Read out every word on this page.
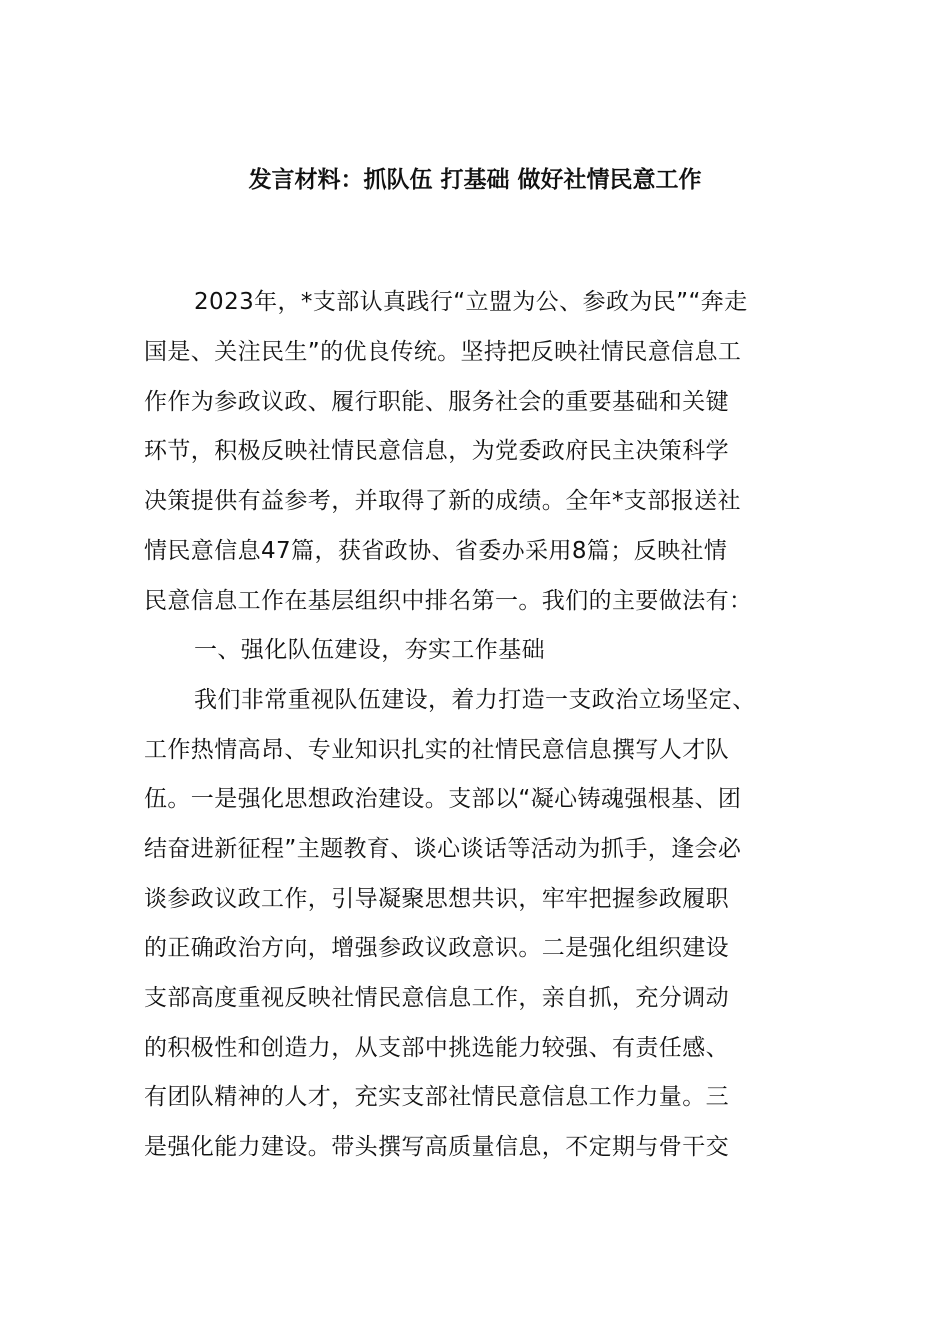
发言材料：抓队伍 打基础 做好社情民意工作
2023年，*支部认真践行“立盟为公、参政为民”“奔走
国是、关注民生”的优良传统。坚持把反映社情民意信息工
作作为参政议政、履行职能、服务社会的重要基础和关键
环节，积极反映社情民意信息，为党委政府民主决策科学
决策提供有益参考，并取得了新的成绩。全年*支部报送社
情民意信息47篇，获省政协、省委办采用8篇；反映社情
民意信息工作在基层组织中排名第一。我们的主要做法有：
一、强化队伍建设，夯实工作基础
我们非常重视队伍建设，着力打造一支政治立场坚定、
工作热情高昂、专业知识扎实的社情民意信息撰写人才队
伍。一是强化思想政治建设。支部以“凝心铸魂强根基、团
结奋进新征程”主题教育、谈心谈话等活动为抓手，逢会必
谈参政议政工作，引导凝聚思想共识，牢牢把握参政履职
的正确政治方向，增强参政议政意识。二是强化组织建设
支部高度重视反映社情民意信息工作，亲自抓，充分调动
的积极性和创造力，从支部中挑选能力较强、有责任感、
有团队精神的人才，充实支部社情民意信息工作力量。三
是强化能力建设。带头撰写高质量信息，不定期与骨干交
